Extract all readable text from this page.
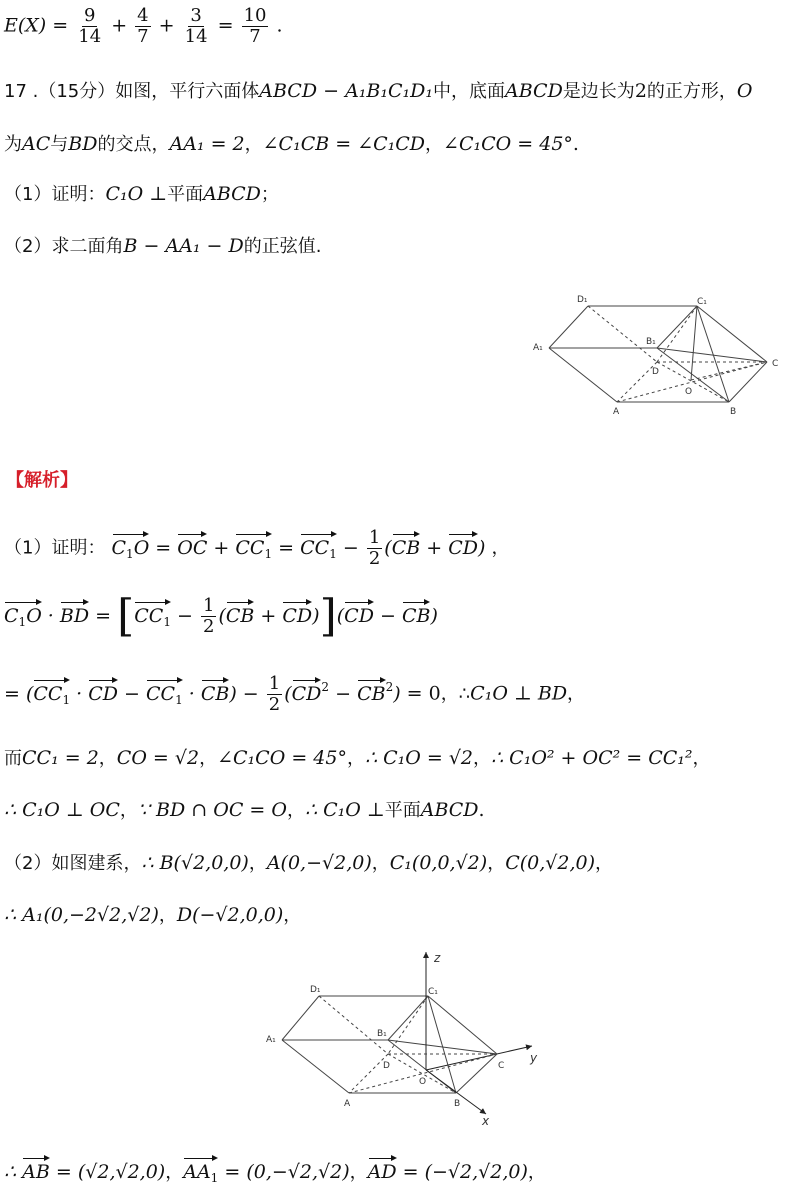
$E(X) = \frac{9}{14} + \frac{4}{7} + \frac{3}{14} = \frac{10}{7}$ .
17 .（15分）如图，平行六面体ABCD − A₁B₁C₁D₁中，底面ABCD是边长为2的正方形，O
为AC与BD的交点，AA₁ = 2，∠C₁CB = ∠C₁CD，∠C₁CO = 45°.
（1）证明：C₁O ⊥平面ABCD；
（2）求二面角B − AA₁ − D的正弦值.
D₁	C₁
A₁
B₁
D
O
C
A	B
【解析】
（1）证明： $C_1O$ = OC + $CC_1 = CC_1 - \frac{1}{2} (CB + CD)$ ，
$C_1O$ · BD = $[CC_1 - \frac{1}{2} (CB + CD)](CD - CB)$
= ($CC_1$ · CD − $CC_1 \cdot CB) - \frac{1}{2} (CD^2 - CB^2) = 0$，∴C₁O ⊥ BD，
而CC₁ = 2，CO = √2，∠C₁CO = 45°，∴ C₁O = √2，∴ C₁O² + OC² = CC₁²，
∴ C₁O ⊥ OC，∵ BD ∩ OC = O，∴ C₁O ⊥平面ABCD.
（2）如图建系，∴ B(√2,0,0)，A(0,−√2,0)，C₁(0,0,√2)，C(0,√2,0)，
∴ A₁(0,−2√2,√2)，D(−√2,0,0)，
z
D₁	C₁
A₁
B₁
D
O
C
y
A	B
x
∴ AB = (√2,√2,0)，$AA_1 = (0,-√2,√2)$，AD = (−√2,√2,0)，
